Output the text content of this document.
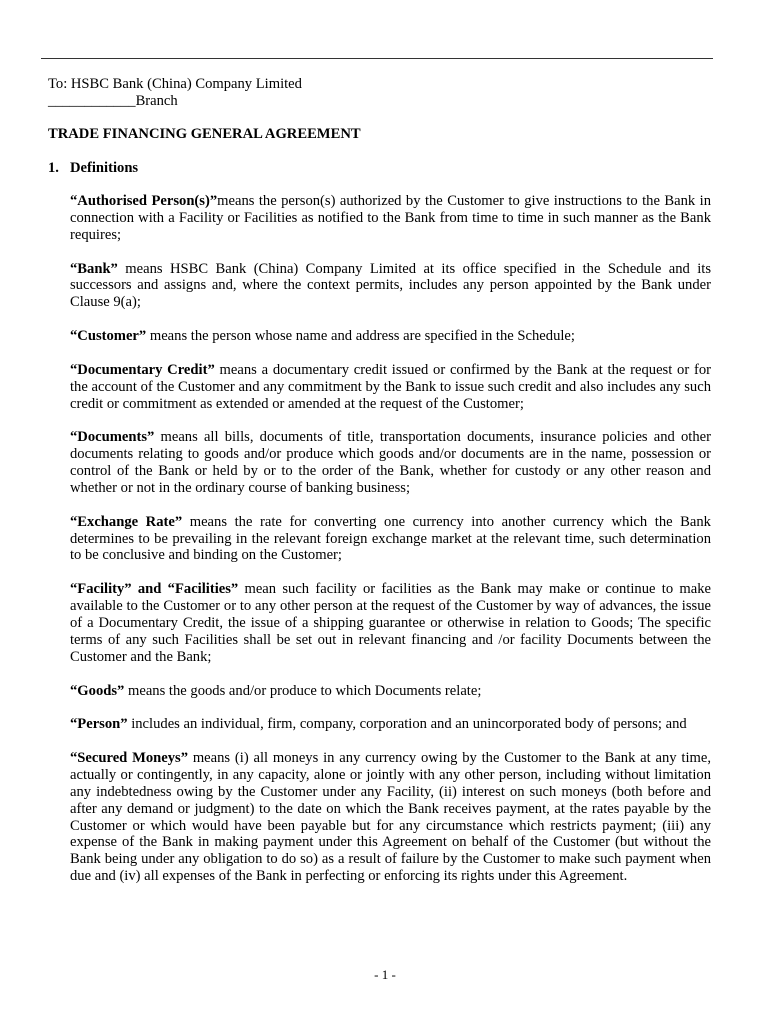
To: HSBC Bank (China) Company Limited
____________Branch
TRADE FINANCING GENERAL AGREEMENT
1. Definitions

“Authorised Person(s)”means the person(s) authorized by the Customer to give instructions to the Bank in connection with a Facility or Facilities as notified to the Bank from time to time in such manner as the Bank requires;

“Bank” means HSBC Bank (China) Company Limited at its office specified in the Schedule and its successors and assigns and, where the context permits, includes any person appointed by the Bank under Clause 9(a);

“Customer” means the person whose name and address are specified in the Schedule;

“Documentary Credit” means a documentary credit issued or confirmed by the Bank at the request or for the account of the Customer and any commitment by the Bank to issue such credit and also includes any such credit or commitment as extended or amended at the request of the Customer;

“Documents” means all bills, documents of title, transportation documents, insurance policies and other documents relating to goods and/or produce which goods and/or documents are in the name, possession or control of the Bank or held by or to the order of the Bank, whether for custody or any other reason and whether or not in the ordinary course of banking business;

“Exchange Rate” means the rate for converting one currency into another currency which the Bank determines to be prevailing in the relevant foreign exchange market at the relevant time, such determination to be conclusive and binding on the Customer;

“Facility” and “Facilities” mean such facility or facilities as the Bank may make or continue to make available to the Customer or to any other person at the request of the Customer by way of advances, the issue of a Documentary Credit, the issue of a shipping guarantee or otherwise in relation to Goods; The specific terms of any such Facilities shall be set out in relevant financing and /or facility Documents between the Customer and the Bank;

“Goods” means the goods and/or produce to which Documents relate;

“Person” includes an individual, firm, company, corporation and an unincorporated body of persons; and

“Secured Moneys” means (i) all moneys in any currency owing by the Customer to the Bank at any time, actually or contingently, in any capacity, alone or jointly with any other person, including without limitation any indebtedness owing by the Customer under any Facility, (ii) interest on such moneys (both before and after any demand or judgment) to the date on which the Bank receives payment, at the rates payable by the Customer or which would have been payable but for any circumstance which restricts payment; (iii) any expense of the Bank in making payment under this Agreement on behalf of the Customer (but without the Bank being under any obligation to do so) as a result of failure by the Customer to make such payment when due and (iv) all expenses of the Bank in perfecting or enforcing its rights under this Agreement.

- 1 -
